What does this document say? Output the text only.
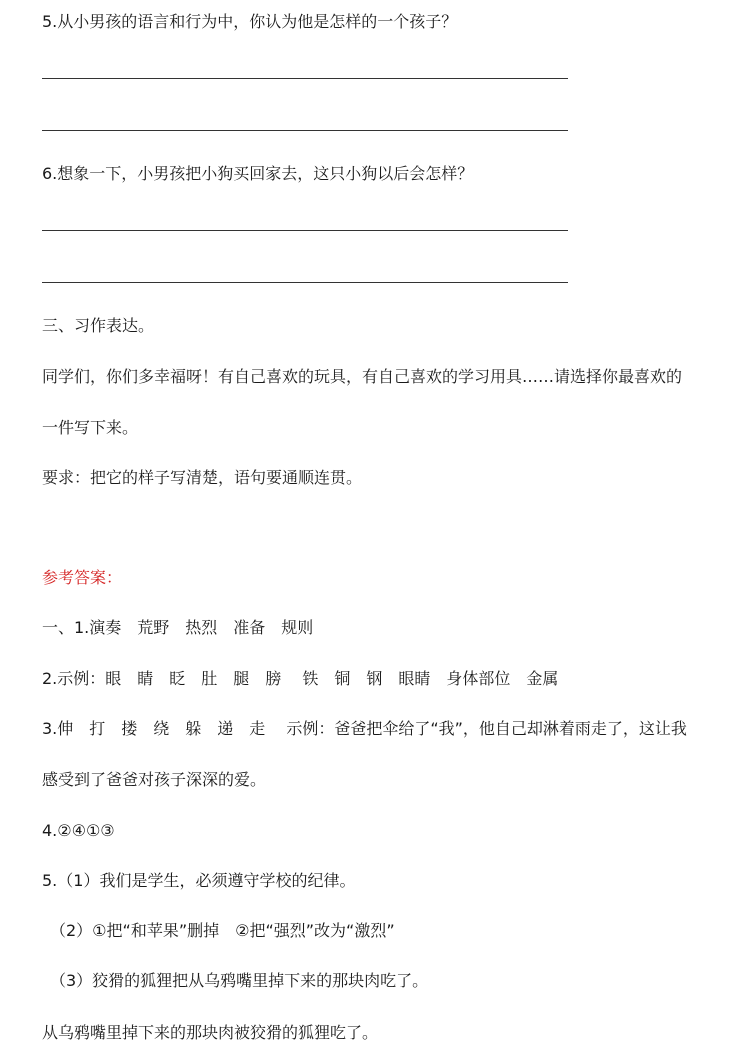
5.从小男孩的语言和行为中，你认为他是怎样的一个孩子？
6.想象一下，小男孩把小狗买回家去，这只小狗以后会怎样？
三、习作表达。
同学们，你们多幸福呀！有自己喜欢的玩具，有自己喜欢的学习用具……请选择你最喜欢的
一件写下来。
要求：把它的样子写清楚，语句要通顺连贯。
参考答案：
一、1.演奏　荒野　热烈　准备　规则
2.示例：眼　睛　眨　肚　腿　膀　 铁　铜　钢　眼睛　身体部位　金属
3.伸　打　搂　绕　躲　递　走　 示例：爸爸把伞给了“我”，他自己却淋着雨走了，这让我
感受到了爸爸对孩子深深的爱。
4.②④①③
5.（1）我们是学生，必须遵守学校的纪律。
（2）①把“和苹果”删掉　②把“强烈”改为“激烈”
（3）狡猾的狐狸把从乌鸦嘴里掉下来的那块肉吃了。
从乌鸦嘴里掉下来的那块肉被狡猾的狐狸吃了。
